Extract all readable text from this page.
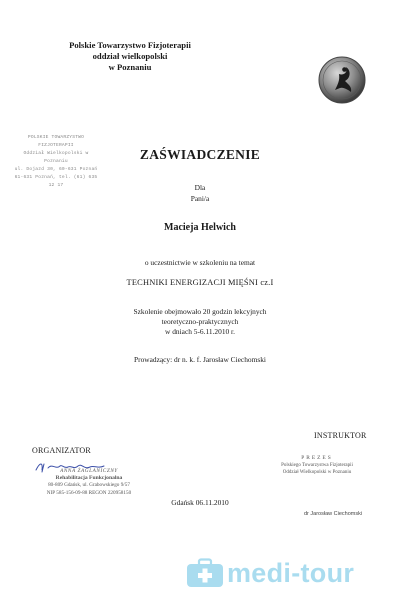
Polskie Towarzystwo Fizjoterapii
oddział wielkopolski
w Poznaniu
POLSKIE TOWARZYSTWO FIZJOTERAPII
Oddział Wielkopolski w Poznaniu
ul. Dojazd 30, 60-631 Poznań
61-631 Poznań, tel. (61) 635 12 17
ZAŚWIADCZENIE
Dla
Pani/a
Macieja Helwich
o uczestnictwie w szkoleniu na temat
TECHNIKI ENERGIZACJI MIĘŚNI cz.I
Szkolenie obejmowało 20 godzin lekcyjnych
teoretyczno-praktycznych
w dniach 5-6.11.2010 r.
Prowadzący: dr n. k. f. Jarosław Ciechomski
ORGANIZATOR
ANNA ŻAGLANICZNY
Rehabilitacja Funkcjonalna
80-809 Gdańsk, ul. Grabowskiego 9/57
NIP 585-156-09-88 REGON 220958150
INSTRUKTOR
PREZES
Polskiego Towarzystwa Fizjoterapii
Oddział Wielkopolski w Poznaniu
dr Jarosław Ciechomski
Gdańsk 06.11.2010
medi-tour
